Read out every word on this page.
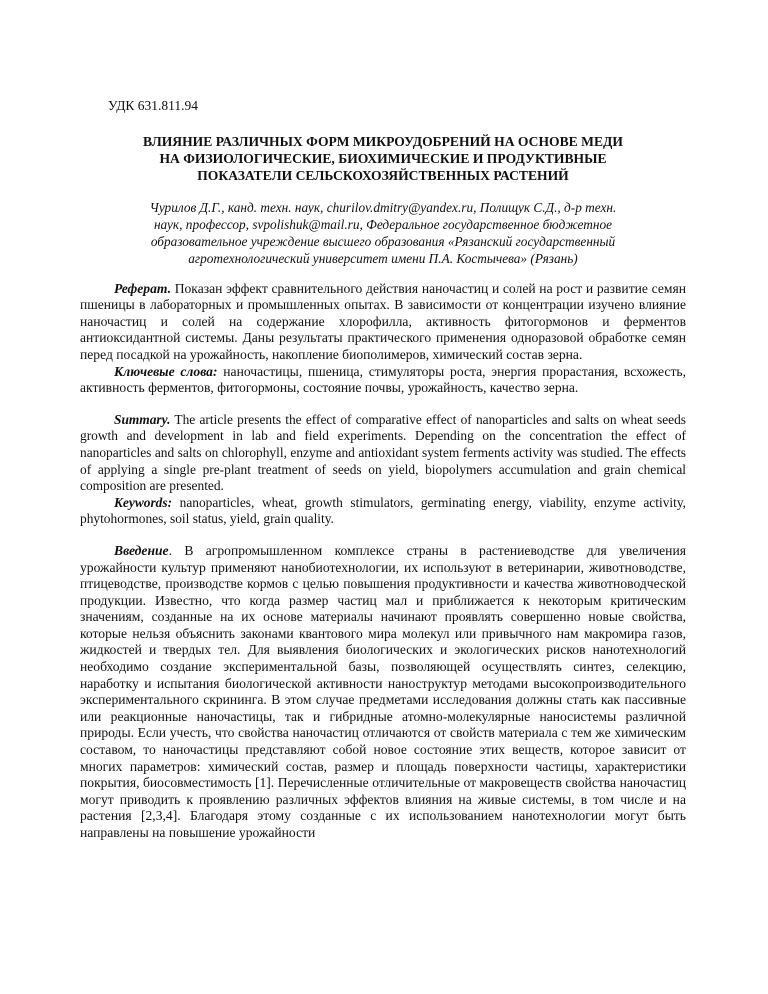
УДК 631.811.94
ВЛИЯНИЕ РАЗЛИЧНЫХ ФОРМ МИКРОУДОБРЕНИЙ НА ОСНОВЕ МЕДИ
НА ФИЗИОЛОГИЧЕСКИЕ, БИОХИМИЧЕСКИЕ И ПРОДУКТИВНЫЕ
ПОКАЗАТЕЛИ СЕЛЬСКОХОЗЯЙСТВЕННЫХ РАСТЕНИЙ
Чурилов Д.Г., канд. техн. наук, churilov.dmitry@yandex.ru, Полищук С.Д., д-р техн.
наук, профессор, svpolishuk@mail.ru, Федеральное государственное бюджетное
образовательное учреждение высшего образования «Рязанский государственный
агротехнологический университет имени П.А. Костычева» (Рязань)

Реферат. Показан эффект сравнительного действия наночастиц и солей на рост и развитие семян пшеницы в лабораторных и промышленных опытах. В зависимости от концентрации изучено влияние наночастиц и солей на содержание хлорофилла, активность фитогормонов и ферментов антиоксидантной системы. Даны результаты практического применения одноразовой обработке семян перед посадкой на урожайность, накопление биополимеров, химический состав зерна.

Ключевые слова: наночастицы, пшеница, стимуляторы роста, энергия прорастания, всхожесть, активность ферментов, фитогормоны, состояние почвы, урожайность, качество зерна.

Summary. The article presents the effect of comparative effect of nanoparticles and salts on wheat seeds growth and development in lab and field experiments. Depending on the concentration the effect of nanoparticles and salts on chlorophyll, enzyme and antioxidant system ferments activity was studied. The effects of applying a single pre-plant treatment of seeds on yield, biopolymers accumulation and grain chemical composition are presented.

Keywords: nanoparticles, wheat, growth stimulators, germinating energy, viability, enzyme activity, phytohormones, soil status, yield, grain quality.

Введение. В агропромышленном комплексе страны в растениеводстве для увеличения урожайности культур применяют нанобиотехнологии, их используют в ветеринарии, животноводстве, птицеводстве, производстве кормов с целью повышения продуктивности и качества животноводческой продукции. Известно, что когда размер частиц мал и приближается к некоторым критическим значениям, созданные на их основе материалы начинают проявлять совершенно новые свойства, которые нельзя объяснить законами квантового мира молекул или привычного нам макромира газов, жидкостей и твердых тел. Для выявления биологических и экологических рисков нанотехнологий необходимо создание экспериментальной базы, позволяющей осуществлять синтез, селекцию, наработку и испытания биологической активности наноструктур методами высокопроизводительного экспериментального скрининга. В этом случае предметами исследования должны стать как пассивные или реакционные наночастицы, так и гибридные атомно-молекулярные наносистемы различной природы. Если учесть, что свойства наночастиц отличаются от свойств материала с тем же химическим составом, то наночастицы представляют собой новое состояние этих веществ, которое зависит от многих параметров: химический состав, размер и площадь поверхности частицы, характеристики покрытия, биосовместимость [1]. Перечисленные отличительные от макровеществ свойства наночастиц могут приводить к проявлению различных эффектов влияния на живые системы, в том числе и на растения [2,3,4]. Благодаря этому созданные с их использованием нанотехнологии могут быть направлены на повышение урожайности
